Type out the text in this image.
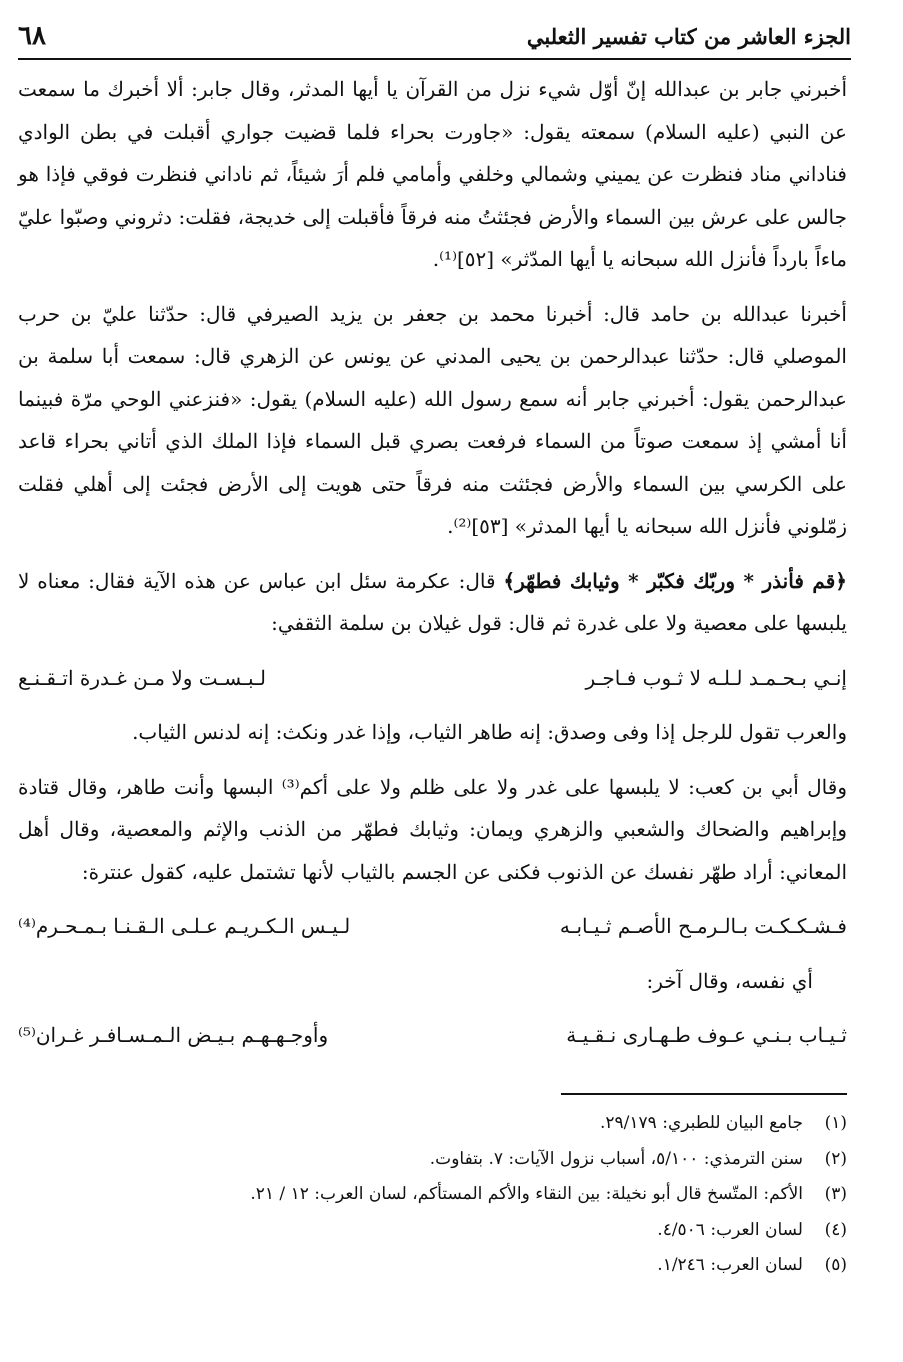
الجزء العاشر من كتاب تفسير الثعلبي
٦٨

أخبرني جابر بن عبدالله إنّ أوّل شيء نزل من القرآن يا أيها المدثر، وقال جابر: ألا أخبرك ما سمعت عن النبي (عليه السلام) سمعته يقول: «جاورت بحراء فلما قضيت جواري أقبلت في بطن الوادي فناداني مناد فنظرت عن يميني وشمالي وخلفي وأمامي فلم أرَ شيئاً، ثم ناداني فنظرت فوقي فإذا هو جالس على عرش بين السماء والأرض فجئثتُ منه فرقاً فأقبلت إلى خديجة، فقلت: دثروني وصبّوا عليّ ماءاً بارداً فأنزل الله سبحانه يا أيها المدّثر» [٥٢]⁽¹⁾.

أخبرنا عبدالله بن حامد قال: أخبرنا محمد بن جعفر بن يزيد الصيرفي قال: حدّثنا عليّ بن حرب الموصلي قال: حدّثنا عبدالرحمن بن يحيى المدني عن يونس عن الزهري قال: سمعت أبا سلمة بن عبدالرحمن يقول: أخبرني جابر أنه سمع رسول الله (عليه السلام) يقول: «فنزعني الوحي مرّة فبينما أنا أمشي إذ سمعت صوتاً من السماء فرفعت بصري قبل السماء فإذا الملك الذي أتاني بحراء قاعد على الكرسي بين السماء والأرض فجئثت منه فرقاً حتى هويت إلى الأرض فجئت إلى أهلي فقلت زمّلوني فأنزل الله سبحانه يا أيها المدثر» [٥٣]⁽²⁾.

﴿قم فأنذر * وربّك فكبّر * وثيابك فطهّر﴾ قال: عكرمة سئل ابن عباس عن هذه الآية فقال: معناه لا يلبسها على معصية ولا على غدرة ثم قال: قول غيلان بن سلمة الثقفي:

إنـي بـحـمـد لـلـه لا ثـوب فـاجـر
لـبـسـت ولا مـن غـدرة اتـقـنـع

والعرب تقول للرجل إذا وفى وصدق: إنه طاهر الثياب، وإذا غدر ونكث: إنه لدنس الثياب.

وقال أبي بن كعب: لا يلبسها على غدر ولا على ظلم ولا على أكم⁽³⁾ البسها وأنت طاهر، وقال قتادة وإبراهيم والضحاك والشعبي والزهري ويمان: وثيابك فطهّر من الذنب والإثم والمعصية، وقال أهل المعاني: أراد طهّر نفسك عن الذنوب فكنى عن الجسم بالثياب لأنها تشتمل عليه، كقول عنترة:

فـشـكـكـت بـالـرمـح الأصـم ثـيـابـه
لـيـس الـكـريـم عـلـى الـقـنـا بـمـحـرم⁽⁴⁾

أي نفسه، وقال آخر:

ثـيـاب بـنـي عـوف طـهـارى نـقـيـة
وأوجـهـهـم بـيـض الـمـسـافـر غـران⁽⁵⁾
(١)
جامع البيان للطبري: ٢٩/١٧٩.
(٢)
سنن الترمذي: ٥/١٠٠، أسباب نزول الآيات: ٧. بتفاوت.
(٣)
الأكم: المتّسخ قال أبو نخيلة: بين النقاء والأكم المستأكم، لسان العرب: ١٢ / ٢١.
(٤)
لسان العرب: ٤/٥٠٦.
(٥)
لسان العرب: ١/٢٤٦.
